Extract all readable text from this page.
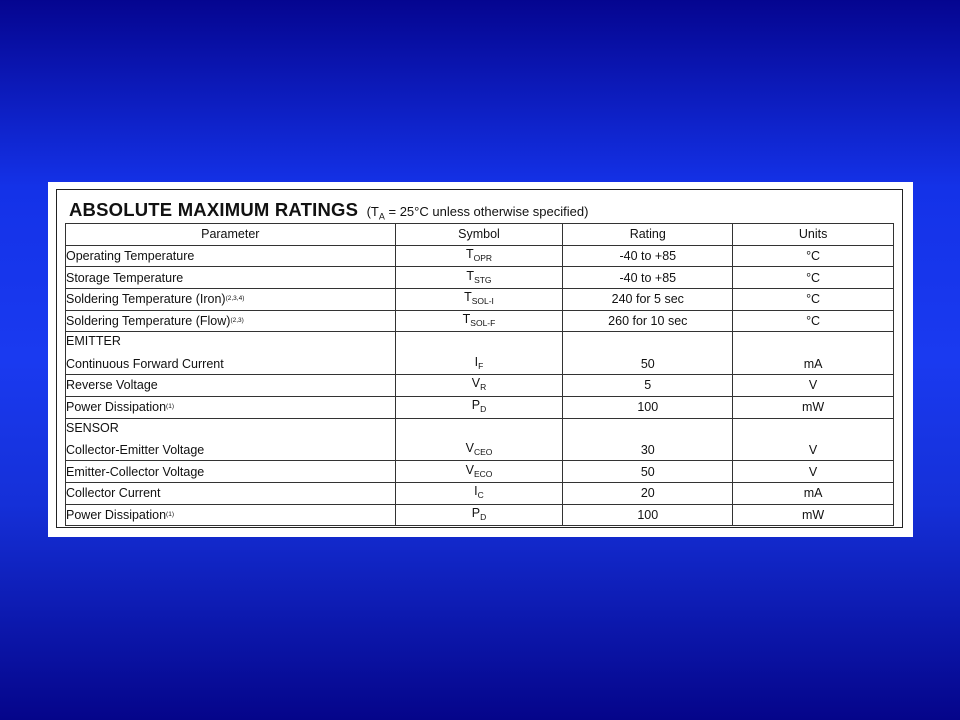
ABSOLUTE MAXIMUM RATINGS ($T_A = 25^\circ C$ unless otherwise specified)
Parameter	Symbol	Rating	Units
Operating Temperature	$T_{OPR}$	-40 to +85	°C
Storage Temperature	$T_{STG}$	-40 to +85	°C
Soldering Temperature (Iron)$^{(2,3,4)}$	$T_{SOL-I}$	240 for 5 sec	°C
Soldering Temperature (Flow)$^{(2,3)}$	$T_{SOL-F}$	260 for 10 sec	°C
EMITTER			
Continuous Forward Current	$I_F$	50	mA
Reverse Voltage	$V_R$	5	V
Power Dissipation$^{(1)}$	$P_D$	100	mW
SENSOR			
Collector-Emitter Voltage	$V_{CEO}$	30	V
Emitter-Collector Voltage	$V_{ECO}$	50	V
Collector Current	$I_C$	20	mA
Power Dissipation$^{(1)}$	$P_D$	100	mW
